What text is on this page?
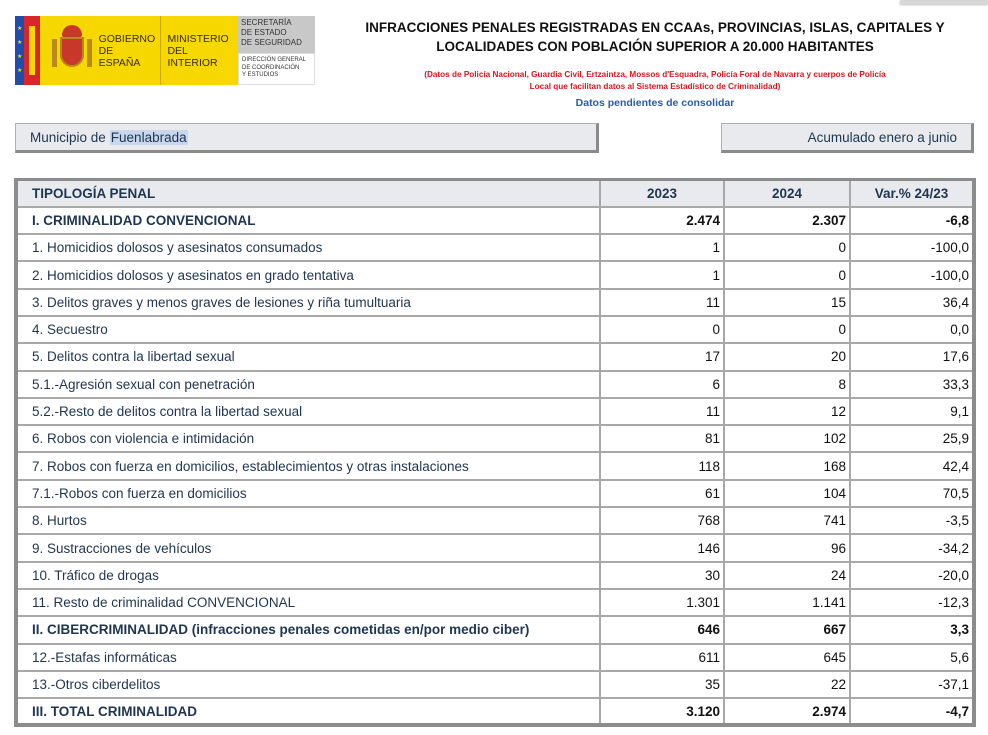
★
★
★
★
GOBIERNO
DE ESPAÑA
MINISTERIO
DEL INTERIOR
SECRETARÍA
DE ESTADO
DE SEGURIDAD
DIRECCIÓN GENERAL
DE COORDINACIÓN
Y ESTUDIOS
INFRACCIONES PENALES REGISTRADAS EN CCAAs, PROVINCIAS, ISLAS, CAPITALES Y
LOCALIDADES CON POBLACIÓN SUPERIOR A 20.000 HABITANTES
(Datos de Policía Nacional, Guardia Civil, Ertzaintza, Mossos d'Esquadra, Policía Foral de Navarra y cuerpos de Policía
Local que facilitan datos al Sistema Estadístico de Criminalidad)
Datos pendientes de consolidar
Municipio de Fuenlabrada	Acumulado enero a junio
TIPOLOGÍA PENAL	2023	2024	Var.% 24/23
I. CRIMINALIDAD CONVENCIONAL	2.474	2.307	-6,8
1. Homicidios dolosos y asesinatos consumados	1	0	-100,0
2. Homicidios dolosos y asesinatos en grado tentativa	1	0	-100,0
3. Delitos graves y menos graves de lesiones y riña tumultuaria	11	15	36,4
4. Secuestro	0	0	0,0
5. Delitos contra la libertad sexual	17	20	17,6
5.1.-Agresión sexual con penetración	6	8	33,3
5.2.-Resto de delitos contra la libertad sexual	11	12	9,1
6. Robos con violencia e intimidación	81	102	25,9
7. Robos con fuerza en domicilios, establecimientos y otras instalaciones	118	168	42,4
7.1.-Robos con fuerza en domicilios	61	104	70,5
8. Hurtos	768	741	-3,5
9. Sustracciones de vehículos	146	96	-34,2
10. Tráfico de drogas	30	24	-20,0
11. Resto de criminalidad CONVENCIONAL	1.301	1.141	-12,3
II. CIBERCRIMINALIDAD (infracciones penales cometidas en/por medio ciber)	646	667	3,3
12.-Estafas informáticas	611	645	5,6
13.-Otros ciberdelitos	35	22	-37,1
III. TOTAL CRIMINALIDAD	3.120	2.974	-4,7
